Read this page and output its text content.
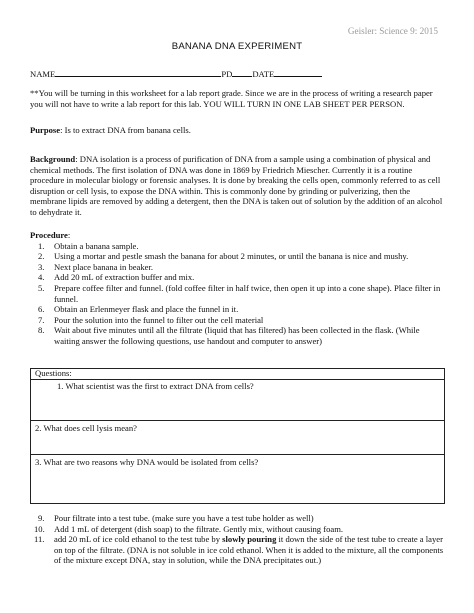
Geisler: Science 9: 2015
BANANA DNA EXPERIMENT
NAME	PD DATE
**You will be turning in this worksheet for a lab report grade. Since we are in the process of writing a research paper you will not have to write a lab report for this lab. YOU WILL TURN IN ONE LAB SHEET PER PERSON.
Purpose: Is to extract DNA from banana cells.
Background: DNA isolation is a process of purification of DNA from a sample using a combination of physical and chemical methods. The first isolation of DNA was done in 1869 by Friedrich Miescher. Currently it is a routine procedure in molecular biology or forensic analyses. It is done by breaking the cells open, commonly referred to as cell disruption or cell lysis, to expose the DNA within. This is commonly done by grinding or pulverizing, then the membrane lipids are removed by adding a detergent, then the DNA is taken out of solution by the addition of an alcohol to dehydrate it.
Procedure:
1. Obtain a banana sample.
2. Using a mortar and pestle smash the banana for about 2 minutes, or until the banana is nice and mushy.
3. Next place banana in beaker.
4. Add 20 mL of extraction buffer and mix.
5. Prepare coffee filter and funnel. (fold coffee filter in half twice, then open it up into a cone shape). Place filter in funnel.
6. Obtain an Erlenmeyer flask and place the funnel in it.
7. Pour the solution into the funnel to filter out the cell material
8. Wait about five minutes until all the filtrate (liquid that has filtered) has been collected in the flask. (While waiting answer the following questions, use handout and computer to answer)
Questions:
1. What scientist was the first to extract DNA from cells?
2. What does cell lysis mean?
3. What are two reasons why DNA would be isolated from cells?
9. Pour filtrate into a test tube. (make sure you have a test tube holder as well)
10. Add 1 mL of detergent (dish soap) to the filtrate. Gently mix, without causing foam.
11. add 20 mL of ice cold ethanol to the test tube by slowly pouring it down the side of the test tube to create a layer on top of the filtrate. (DNA is not soluble in ice cold ethanol. When it is added to the mixture, all the components of the mixture except DNA, stay in solution, while the DNA precipitates out.)
